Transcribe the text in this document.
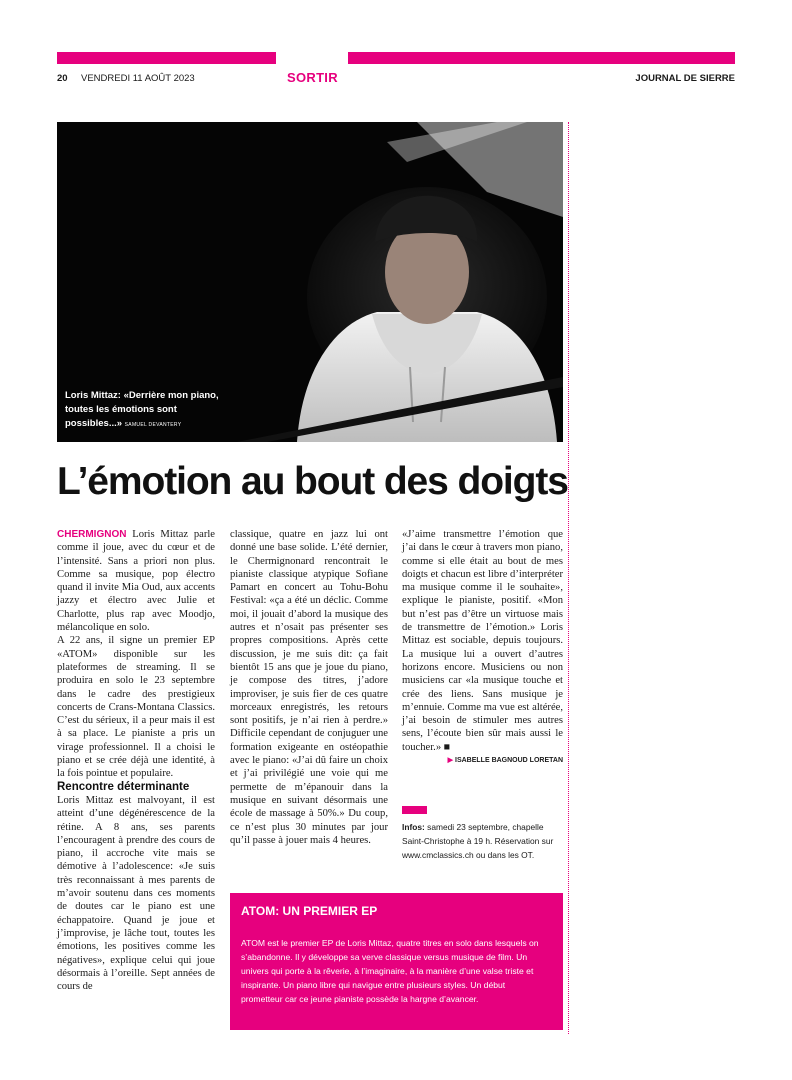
20 VENDREDI 11 AOÛT 2023	SORTIR	JOURNAL DE SIERRE
Loris Mittaz: «Derrière mon piano, toutes les émotions sont possibles...» SAMUEL DEVANTERY
L’émotion au bout des doigts

CHERMIGNON Loris Mittaz parle comme il joue, avec du cœur et de l’intensité. Sans a priori non plus. Comme sa musique, pop électro quand il invite Mia Oud, aux accents jazzy et électro avec Julie et Charlotte, plus rap avec Moodjo, mélancolique en solo.

A 22 ans, il signe un premier EP «ATOM» disponible sur les plateformes de streaming. Il se produira en solo le 23 septembre dans le cadre des prestigieux concerts de Crans-Montana Classics. C’est du sérieux, il a peur mais il est à sa place. Le pianiste a pris un virage professionnel. Il a choisi le piano et se crée déjà une identité, à la fois pointue et populaire.

Rencontre déterminante

Loris Mittaz est malvoyant, il est atteint d’une dégénérescence de la rétine. A 8 ans, ses parents l’encouragent à prendre des cours de piano, il accroche vite mais se démotive à l’adolescence: «Je suis très reconnaissant à mes parents de m’avoir soutenu dans ces moments de doutes car le piano est une échappatoire. Quand je joue et j’improvise, je lâche tout, toutes les émotions, les positives comme les négatives», explique celui qui joue désormais à l’oreille. Sept années de cours de

classique, quatre en jazz lui ont donné une base solide. L’été dernier, le Chermignonard rencontrait le pianiste classique atypique Sofiane Pamart en concert au Tohu-Bohu Festival: «ça a été un déclic. Comme moi, il jouait d’abord la musique des autres et n’osait pas présenter ses propres compositions. Après cette discussion, je me suis dit: ça fait bientôt 15 ans que je joue du piano, je compose des titres, j’adore improviser, je suis fier de ces quatre morceaux enregistrés, les retours sont positifs, je n’ai rien à perdre.» Difficile cependant de conjuguer une formation exigeante en ostéopathie avec le piano: «J’ai dû faire un choix et j’ai privilégié une voie qui me permette de m’épanouir dans la musique en suivant désormais une école de massage à 50%.» Du coup, ce n’est plus 30 minutes par jour qu’il passe à jouer mais 4 heures.

«J’aime transmettre l’émotion que j’ai dans le cœur à travers mon piano, comme si elle était au bout de mes doigts et chacun est libre d’interpréter ma musique comme il le souhaite», explique le pianiste, positif. «Mon but n’est pas d’être un virtuose mais de transmettre de l’émotion.» Loris Mittaz est sociable, depuis toujours. La musique lui a ouvert d’autres horizons encore. Musiciens ou non musiciens car «la musique touche et crée des liens. Sans musique je m’ennuie. Comme ma vue est altérée, j’ai besoin de stimuler mes autres sens, l’écoute bien sûr mais aussi le toucher.» ■

▶ ISABELLE BAGNOUD LORETAN

Infos: samedi 23 septembre, chapelle Saint-Christophe à 19 h. Réservation sur www.cmclassics.ch ou dans les OT.
ATOM: UN PREMIER EP
ATOM est le premier EP de Loris Mittaz, quatre titres en solo dans lesquels on s’abandonne. Il y développe sa verve classique versus musique de film. Un univers qui porte à la rêverie, à l’imaginaire, à la manière d’une valse triste et inspirante. Un piano libre qui navigue entre plusieurs styles. Un début prometteur car ce jeune pianiste possède la hargne d’avancer.
